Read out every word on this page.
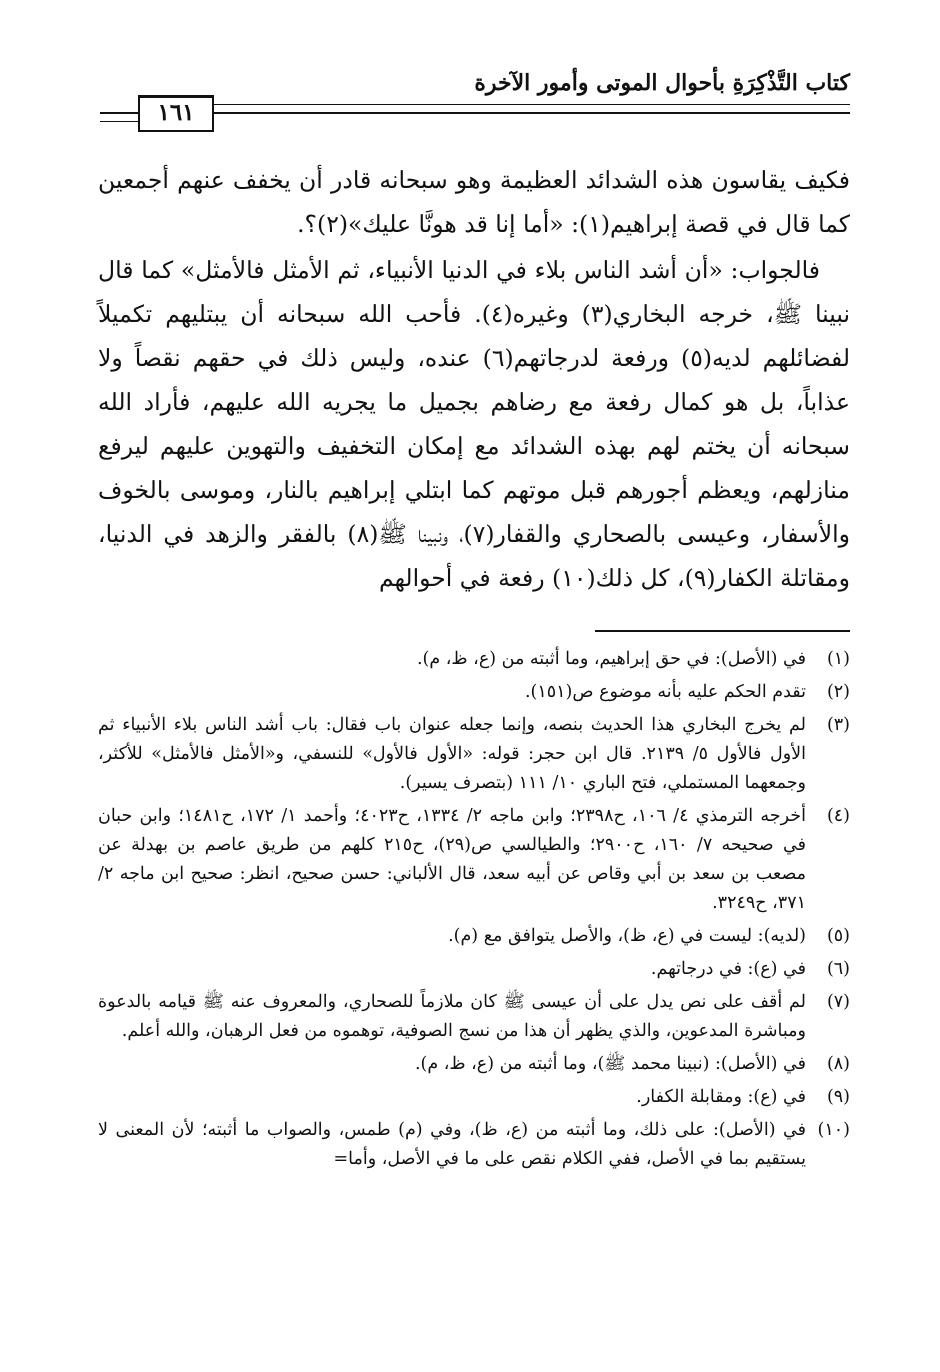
كتاب التَّذْكِرَةِ بأحوال الموتى وأمور الآخرة
١٦١

فكيف يقاسون هذه الشدائد العظيمة وهو سبحانه قادر أن يخفف عنهم أجمعين كما قال في قصة إبراهيم(١): «أما إنا قد هونَّا عليك»(٢)؟.

فالجواب: «أن أشد الناس بلاء في الدنيا الأنبياء، ثم الأمثل فالأمثل» كما قال نبينا ﷺ، خرجه البخاري(٣) وغيره(٤). فأحب الله سبحانه أن يبتليهم تكميلاً لفضائلهم لديه(٥) ورفعة لدرجاتهم(٦) عنده، وليس ذلك في حقهم نقصاً ولا عذاباً، بل هو كمال رفعة مع رضاهم بجميل ما يجريه الله عليهم، فأراد الله سبحانه أن يختم لهم بهذه الشدائد مع إمكان التخفيف والتهوين عليهم ليرفع منازلهم، ويعظم أجورهم قبل موتهم كما ابتلي إبراهيم بالنار، وموسى بالخوف والأسفار، وعيسى بالصحاري والقفار(٧)، ونبينا ﷺ(٨) بالفقر والزهد في الدنيا، ومقاتلة الكفار(٩)، كل ذلك(١٠) رفعة في أحوالهم

(١)
في (الأصل): في حق إبراهيم، وما أثبته من (ع، ظ، م).
(٢)
تقدم الحكم عليه بأنه موضوع ص(١٥١).
(٣)
لم يخرج البخاري هذا الحديث بنصه، وإنما جعله عنوان باب فقال: باب أشد الناس بلاء الأنبياء ثم الأول فالأول ٥/ ٢١٣٩. قال ابن حجر: قوله: «الأول فالأول» للنسفي، و«الأمثل فالأمثل» للأكثر، وجمعهما المستملي، فتح الباري ١٠/ ١١١ (بتصرف يسير).
(٤)
أخرجه الترمذي ٤/ ١٠٦، ح٢٣٩٨؛ وابن ماجه ٢/ ١٣٣٤، ح٤٠٢٣؛ وأحمد ١/ ١٧٢، ح١٤٨١؛ وابن حبان في صحيحه ٧/ ١٦٠، ح٢٩٠٠؛ والطيالسي ص(٢٩)، ح٢١٥ كلهم من طريق عاصم بن بهدلة عن مصعب بن سعد بن أبي وقاص عن أبيه سعد، قال الألباني: حسن صحيح، انظر: صحيح ابن ماجه ٢/ ٣٧١، ح٣٢٤٩.
(٥)
(لديه): ليست في (ع، ظ)، والأصل يتوافق مع (م).
(٦)
في (ع): في درجاتهم.
(٧)
لم أقف على نص يدل على أن عيسى ﷺ كان ملازماً للصحاري، والمعروف عنه ﷺ قيامه بالدعوة ومباشرة المدعوين، والذي يظهر أن هذا من نسج الصوفية، توهموه من فعل الرهبان، والله أعلم.
(٨)
في (الأصل): (نبينا محمد ﷺ)، وما أثبته من (ع، ظ، م).
(٩)
في (ع): ومقابلة الكفار.
(١٠)
في (الأصل): على ذلك، وما أثبته من (ع، ظ)، وفي (م) طمس، والصواب ما أثبته؛ لأن المعنى لا يستقيم بما في الأصل، ففي الكلام نقص على ما في الأصل، وأما=
